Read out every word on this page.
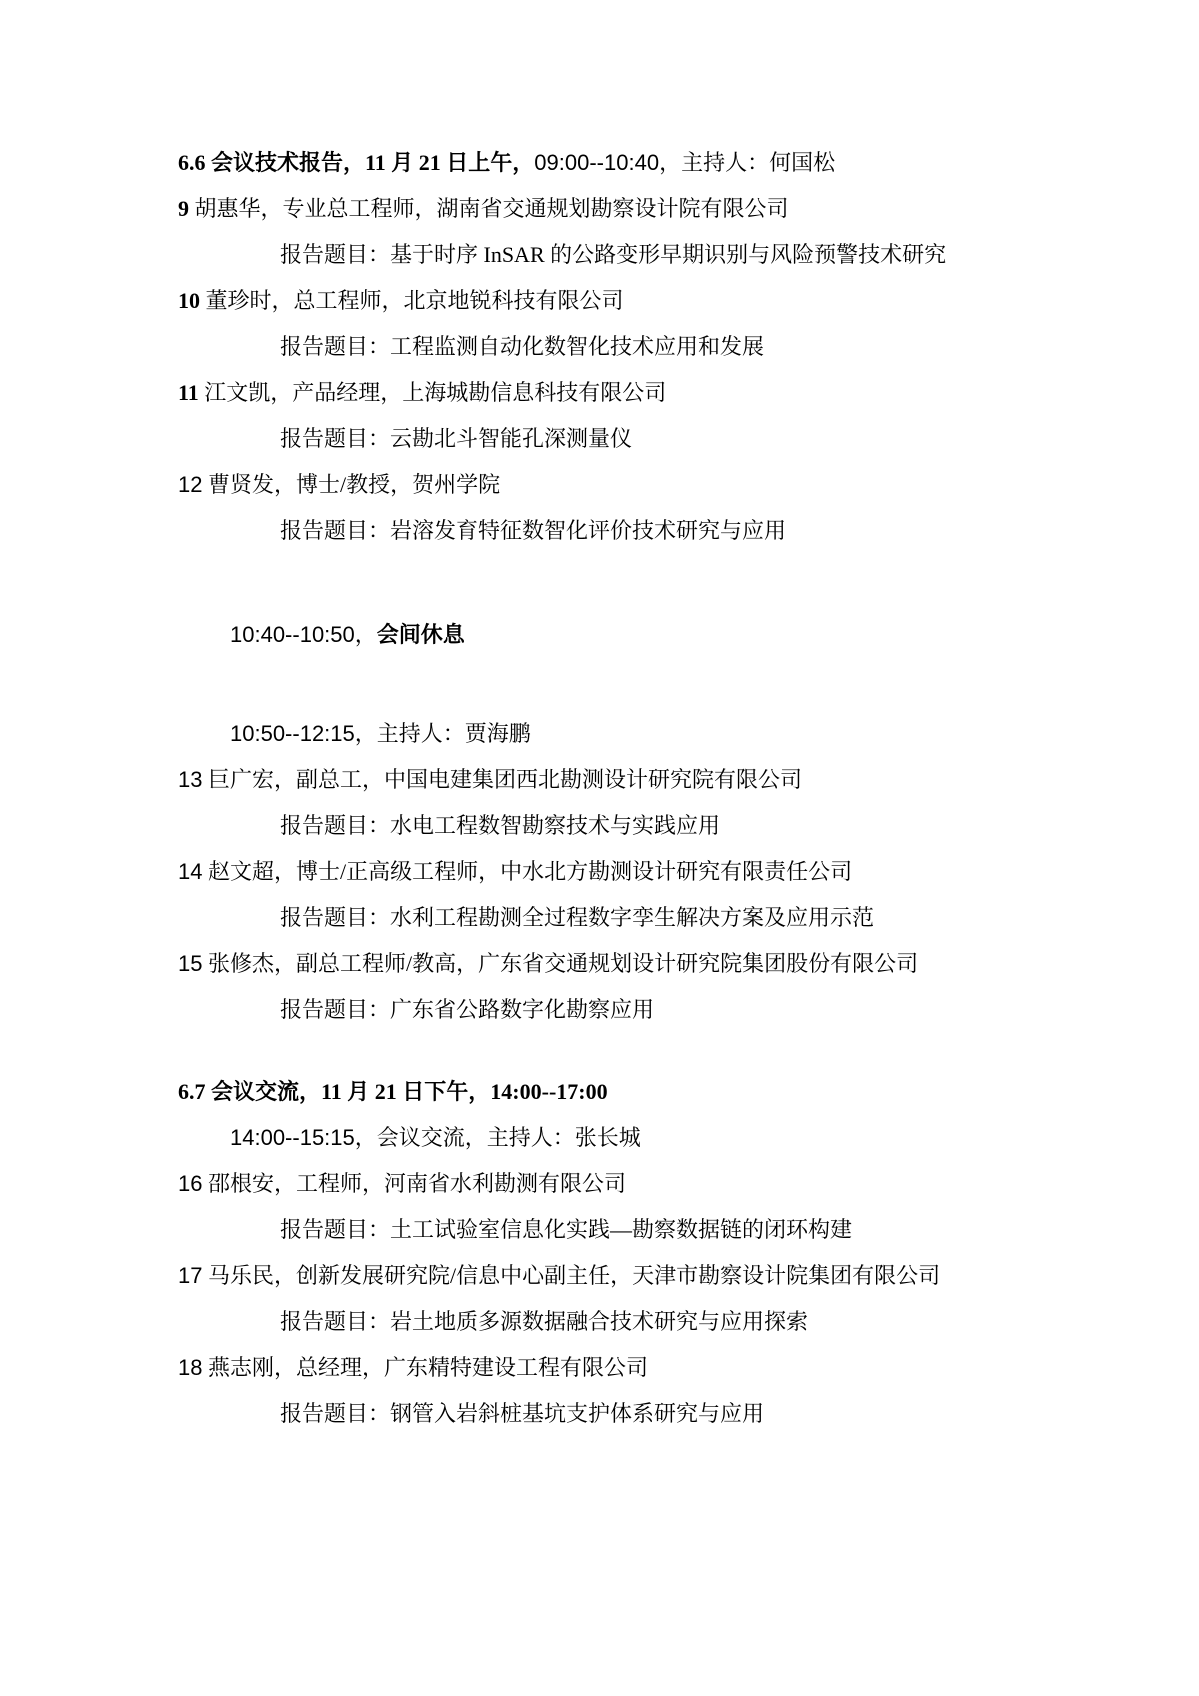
6.6 会议技术报告，11 月 21 日上午，09:00--10:40，主持人：何国松
9 胡惠华，专业总工程师，湖南省交通规划勘察设计院有限公司
报告题目：基于时序 InSAR 的公路变形早期识别与风险预警技术研究
10 董珍时，总工程师，北京地锐科技有限公司
报告题目：工程监测自动化数智化技术应用和发展
11 江文凯，产品经理，上海城勘信息科技有限公司
报告题目：云勘北斗智能孔深测量仪
12 曹贤发，博士/教授，贺州学院
报告题目：岩溶发育特征数智化评价技术研究与应用
10:40--10:50，会间休息
10:50--12:15，主持人：贾海鹏
13 巨广宏，副总工，中国电建集团西北勘测设计研究院有限公司
报告题目：水电工程数智勘察技术与实践应用
14 赵文超，博士/正高级工程师，中水北方勘测设计研究有限责任公司
报告题目：水利工程勘测全过程数字孪生解决方案及应用示范
15 张修杰，副总工程师/教高，广东省交通规划设计研究院集团股份有限公司
报告题目：广东省公路数字化勘察应用
6.7 会议交流，11 月 21 日下午，14:00--17:00
14:00--15:15，会议交流，主持人：张长城
16 邵根安，工程师，河南省水利勘测有限公司
报告题目：土工试验室信息化实践—勘察数据链的闭环构建
17 马乐民，创新发展研究院/信息中心副主任，天津市勘察设计院集团有限公司
报告题目：岩土地质多源数据融合技术研究与应用探索
18 燕志刚，总经理，广东精特建设工程有限公司
报告题目：钢管入岩斜桩基坑支护体系研究与应用
